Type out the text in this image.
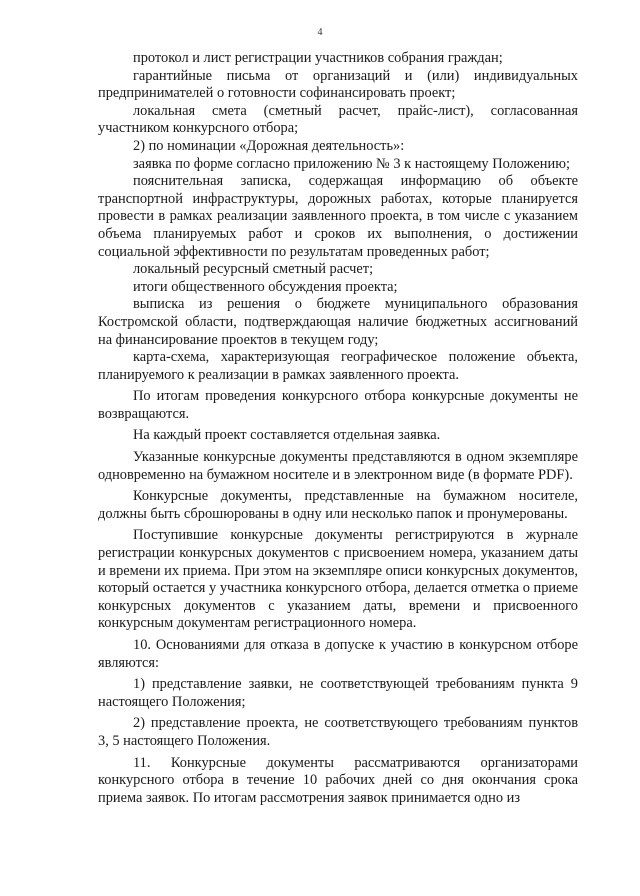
4

протокол и лист регистрации участников собрания граждан;

гарантийные письма от организаций и (или) индивидуальных предпринимателей о готовности софинансировать проект;

локальная смета (сметный расчет, прайс-лист), согласованная участником конкурсного отбора;

2) по номинации «Дорожная деятельность»:

заявка по форме согласно приложению № 3 к настоящему Положению;

пояснительная записка, содержащая информацию об объекте транспортной инфраструктуры, дорожных работах, которые планируется провести в рамках реализации заявленного проекта, в том числе с указанием объема планируемых работ и сроков их выполнения, о достижении социальной эффективности по результатам проведенных работ;

локальный ресурсный сметный расчет;

итоги общественного обсуждения проекта;

выписка из решения о бюджете муниципального образования Костромской области, подтверждающая наличие бюджетных ассигнований на финансирование проектов в текущем году;

карта-схема, характеризующая географическое положение объекта, планируемого к реализации в рамках заявленного проекта.

По итогам проведения конкурсного отбора конкурсные документы не возвращаются.

На каждый проект составляется отдельная заявка.

Указанные конкурсные документы представляются в одном экземпляре одновременно на бумажном носителе и в электронном виде (в формате PDF).

Конкурсные документы, представленные на бумажном носителе, должны быть сброшюрованы в одну или несколько папок и пронумерованы.

Поступившие конкурсные документы регистрируются в журнале регистрации конкурсных документов с присвоением номера, указанием даты и времени их приема. При этом на экземпляре описи конкурсных документов, который остается у участника конкурсного отбора, делается отметка о приеме конкурсных документов с указанием даты, времени и присвоенного конкурсным документам регистрационного номера.

10. Основаниями для отказа в допуске к участию в конкурсном отборе являются:

1) представление заявки, не соответствующей требованиям пункта 9 настоящего Положения;

2) представление проекта, не соответствующего требованиям пунктов 3, 5 настоящего Положения.

11. Конкурсные документы рассматриваются организаторами конкурсного отбора в течение 10 рабочих дней со дня окончания срока приема заявок. По итогам рассмотрения заявок принимается одно из
